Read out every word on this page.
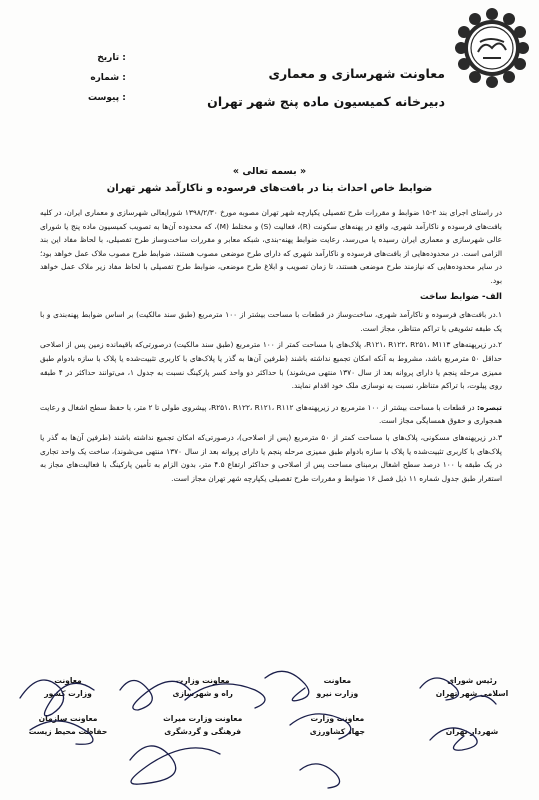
معاونت شهرسازی و معماری
دبیرخانه کمیسیون ماده پنج شهر تهران
: تاریخ
: شماره
: پیوست
« بسمه تعالی »
ضوابط خاص احداث بنا در بافت‌های فرسوده و ناکارآمد شهر تهران

در راستای اجرای بند ۲-۱۵ ضوابط و مقررات طرح تفصیلی یکپارچه شهر تهران مصوبه مورخ ۱۳۹۸/۲/۳۰ شورایعالی شهرسازی و معماری ایران، در کلیه بافت‌های فرسوده و ناکارآمد شهری، واقع در پهنه‌های سکونت (R)، فعالیت (S) و مختلط (M)، که محدوده آن‌ها به تصویب کمیسیون ماده پنج یا شورای عالی شهرسازی و معماری ایران رسیده یا می‌رسد، رعایت ضوابط پهنه-بندی، شبکه معابر و مقررات ساخت‌وساز طرح تفصیلی، با لحاظ مفاد این بند الزامی است. در محدوده‌هایی از بافت‌های فرسوده و ناکارآمد شهری که دارای طرح موضعی مصوب هستند، ضوابط طرح مصوب ملاک عمل خواهد بود؛ در سایر محدوده‌هایی که نیازمند طرح موضعی هستند، تا زمان تصویب و ابلاغ طرح موضعی، ضوابط طرح تفصیلی با لحاظ مفاد زیر ملاک عمل خواهد بود.

الف- ضوابط ساخت

۱.در بافت‌های فرسوده و ناکارآمد شهری، ساخت‌وساز در قطعات با مساحت بیشتر از ۱۰۰ مترمربع (طبق سند مالکیت) بر اساس ضوابط پهنه‌بندی و با یک طبقه تشویقی با تراکم متناظر، مجاز است.

۲.در زیرپهنه‌های R۱۲۱، R۱۲۲، R۲۵۱، M۱۱۳، پلاک‌های با مساحت کمتر از ۱۰۰ مترمربع (طبق سند مالکیت) درصورتی‌که باقیمانده زمین پس از اصلاحی حداقل ۵۰ مترمربع باشد، مشروط به آنکه امکان تجمیع نداشته باشند (طرفین آن‌ها به گذر یا پلاک‌های با کاربری تثبیت‌شده یا پلاک با سازه بادوام طبق ممیزی مرحله پنجم یا دارای پروانه بعد از سال ۱۳۷۰ منتهی می‌شوند) با حداکثر دو واحد کسر پارکینگ نسبت به جدول ۱، می‌توانند حداکثر در ۴ طبقه روی پیلوت، با تراکم متناظر، نسبت به نوسازی ملک خود اقدام نمایند.

تبصره: در قطعات با مساحت بیشتر از ۱۰۰ مترمربع در زیرپهنه‌های R۲۵۱، R۱۲۲، R۱۲۱، R۱۱۲، پیشروی طولی تا ۲ متر، با حفظ سطح اشغال و رعایت همجواری و حقوق همسایگی مجاز است.

۳.در زیرپهنه‌های مسکونی، پلاک‌های با مساحت کمتر از ۵۰ مترمربع (پس از اصلاحی)، درصورتی‌که امکان تجمیع نداشته باشند (طرفین آن‌ها به گذر یا پلاک‌های با کاربری تثبیت‌شده یا پلاک با سازه بادوام طبق ممیزی مرحله پنجم یا دارای پروانه بعد از سال ۱۳۷۰ منتهی می‌شوند)، ساخت یک واحد تجاری در یک طبقه با ۱۰۰ درصد سطح اشغال برمبنای مساحت پس از اصلاحی و حداکثر ارتفاع ۴.۵ متر، بدون الزام به تأمین پارکینگ با فعالیت‌های مجاز به استقرار طبق جدول شماره ۱۱ ذیل فصل ۱۶ ضوابط و مقررات طرح تفصیلی یکپارچه شهر تهران مجاز است.

معاونت
وزارت کشور
معاونت وزارت
راه و شهرسازی
معاونت
وزارت نیرو
رئیس شورای
اسلامی شهر تهران
معاونت سازمان
حفاظت محیط زیست
معاونت وزارت میراث
فرهنگی و گردشگری
معاونت وزارت
جهاد کشاورزی	شهردار تهران
